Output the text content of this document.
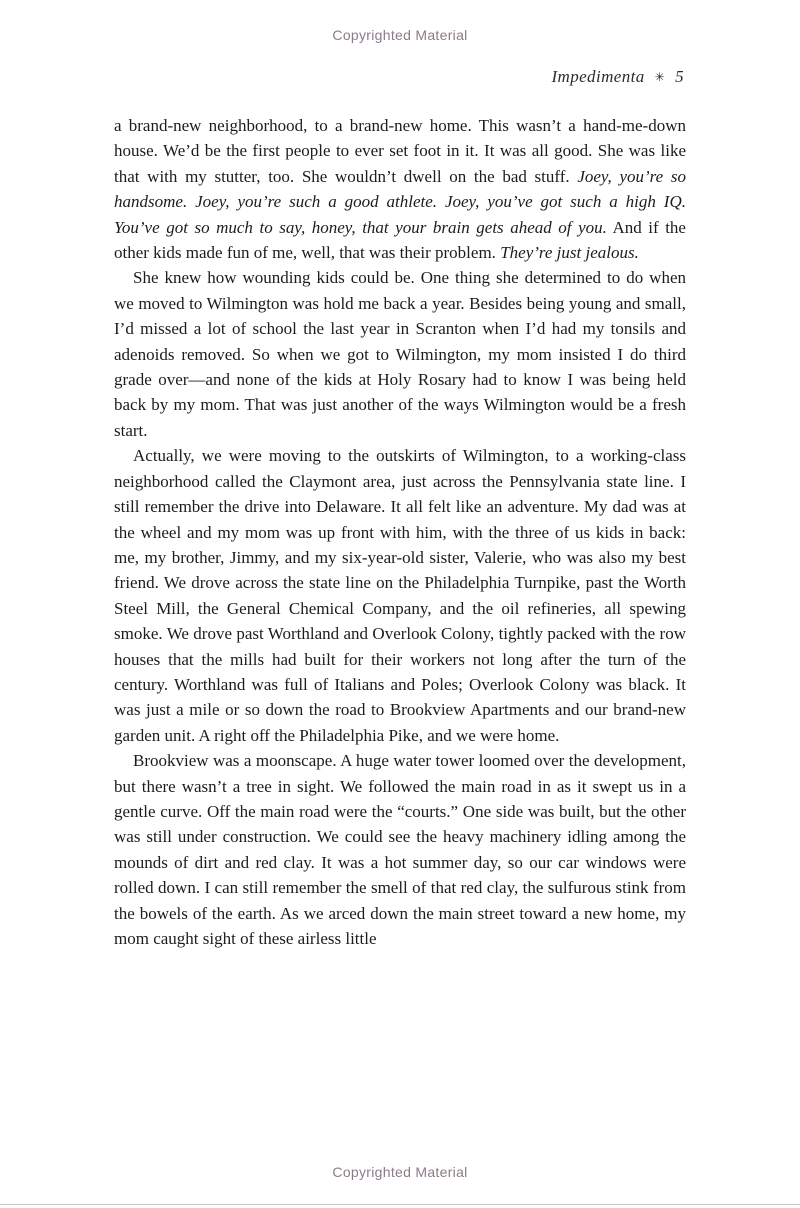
Copyrighted Material
Impedimenta ✳ 5

a brand-new neighborhood, to a brand-new home. This wasn’t a hand-me-down house. We’d be the first people to ever set foot in it. It was all good. She was like that with my stutter, too. She wouldn’t dwell on the bad stuff. Joey, you’re so handsome. Joey, you’re such a good athlete. Joey, you’ve got such a high IQ. You’ve got so much to say, honey, that your brain gets ahead of you. And if the other kids made fun of me, well, that was their problem. They’re just jealous.

She knew how wounding kids could be. One thing she determined to do when we moved to Wilmington was hold me back a year. Besides being young and small, I’d missed a lot of school the last year in Scranton when I’d had my tonsils and adenoids removed. So when we got to Wilmington, my mom insisted I do third grade over—and none of the kids at Holy Rosary had to know I was being held back by my mom. That was just another of the ways Wilmington would be a fresh start.

Actually, we were moving to the outskirts of Wilmington, to a working-class neighborhood called the Claymont area, just across the Pennsylvania state line. I still remember the drive into Delaware. It all felt like an adventure. My dad was at the wheel and my mom was up front with him, with the three of us kids in back: me, my brother, Jimmy, and my six-year-old sister, Valerie, who was also my best friend. We drove across the state line on the Philadelphia Turnpike, past the Worth Steel Mill, the General Chemical Company, and the oil refineries, all spewing smoke. We drove past Worthland and Overlook Colony, tightly packed with the row houses that the mills had built for their workers not long after the turn of the century. Worthland was full of Italians and Poles; Overlook Colony was black. It was just a mile or so down the road to Brookview Apartments and our brand-new garden unit. A right off the Philadelphia Pike, and we were home.

Brookview was a moonscape. A huge water tower loomed over the development, but there wasn’t a tree in sight. We followed the main road in as it swept us in a gentle curve. Off the main road were the “courts.” One side was built, but the other was still under construction. We could see the heavy machinery idling among the mounds of dirt and red clay. It was a hot summer day, so our car windows were rolled down. I can still remember the smell of that red clay, the sulfurous stink from the bowels of the earth. As we arced down the main street toward a new home, my mom caught sight of these airless little

Copyrighted Material
